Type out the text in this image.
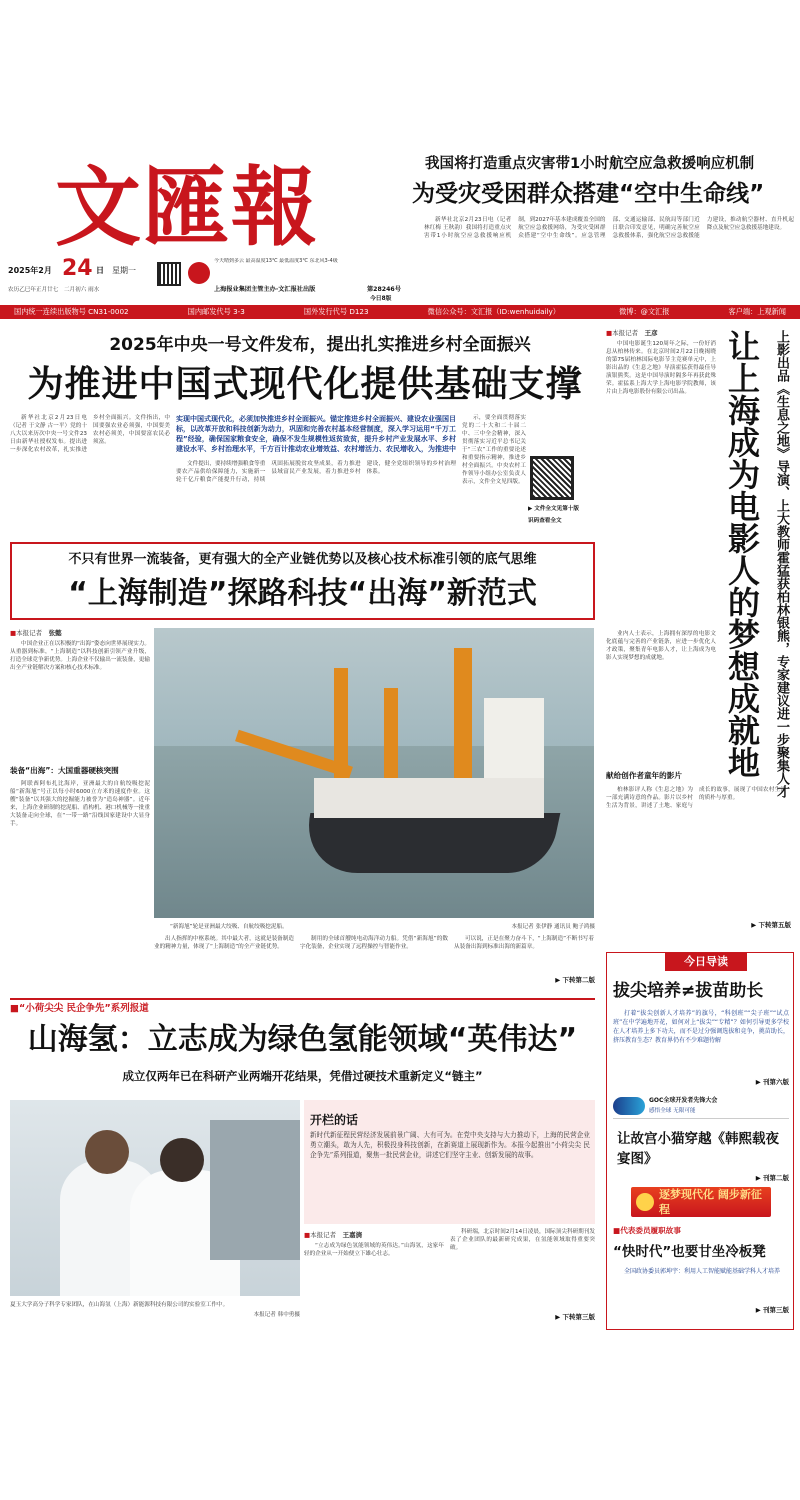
文匯報	我国将打造重点灾害带1小时航空应急救援响应机制
为受灾受困群众搭建“空中生命线”

新华社北京2月23日电（记者 林红梅 王秋韵）我国将打造重点灾害带1小时航空应急救援响应机制，到2027年基本建成覆盖全国的航空应急救援网络，为受灾受困群众搭建“空中生命线”。应急管理部、交通运输部、民航局等部门近日联合印发意见，明确完善航空应急救援体系，强化航空应急救援能力建设，推动航空器材、直升机起降点及航空应急救援基地建设。

2025年2月 24 日	星期一
农历乙巳年正月廿七　二月初六 雨水
今天晴到多云 最高温度13℃ 最低温度3℃ 东北风3-4级
上海报业集团主管主办·文汇报社出版	第28246号
今日8版
国内统一连续出版物号 CN31-0002	国内邮发代号 3-3	国外发行代号 D123	微信公众号：文汇报（ID:wenhuidaily）	微博：@文汇报	客户端：上观新闻
2025年中央一号文件发布，提出扎实推进乡村全面振兴
为推进中国式现代化提供基础支撑

新华社北京2月23日电（记者 于文静 古一平）党的十八大以来历次中央一号文件23日由新华社授权发布。提出进一步深化农村改革，扎实推进乡村全面振兴。文件指出，中国要强农业必须强，中国要美农村必须美，中国要富农民必须富。

实现中国式现代化，必须加快推进乡村全面振兴。锚定推进乡村全面振兴、建设农业强国目标，以改革开放和科技创新为动力，巩固和完善农村基本经营制度，深入学习运用“千万工程”经验，确保国家粮食安全，确保不发生规模性返贫致贫，提升乡村产业发展水平、乡村建设水平、乡村治理水平，千方百计推动农业增效益、农村增活力、农民增收入，为推进中

文件提出，要持续增强粮食等重要农产品供给保障能力，实施新一轮千亿斤粮食产能提升行动，持续巩固拓展脱贫攻坚成果，着力推进县域富民产业发展，着力推进乡村建设，健全党组织领导的乡村治理体系。

示，要全面贯彻落实党的二十大和二十届二中、三中全会精神，深入贯彻落实习近平总书记关于“三农”工作的重要论述和重要指示精神，推进乡村全面振兴。中央农村工作领导小组办公室负责人表示，文件全文见四版。

▶ 文件全文见第十版
识码查看全文
不只有世界一流装备，更有强大的全产业链优势以及核心技术标准引领的底气思维
“上海制造”探路科技“出海”新范式
■本报记者　 张懿

中国企业正在以积极的“出海”姿态向世界展现实力。从重器到标准，“上海制造”以科技创新引领产业升级，打造全球竞争新优势。上海企业不仅输出一流装备，更输出全产业链解决方案和核心技术标准。

装备“出海”：大国重器硬核突围

阿联酋阿布扎比海岸，亚洲最大的自航绞吸挖泥船“新海旭”号正以每小时6000立方米的速度作业。这艘“装备”以其强大的挖掘能力被誉为“造岛神器”。近年来，上海企业研制的挖泥船、盾构机、港口机械等一批重大装备走向全球，在“一带一路”沿线国家建设中大显身手。

“新海旭”轮是亚洲最大绞吸、自航绞吸挖泥船。	本报记者 张伊静 通讯员 鲍子鸿摄

出人指挥的中枢系统。其中最大者，这就是装备制造业的精神力量，体现了“上海制造”的全产业链优势。

制用的全球首艘纯电动海洋动力船。凭借“新海旭”的数字化装备，企业实现了远程操控与智能作业。

可以说，正是在聚力奋斗下，“上海制造”不断书写着从装备出海到标准出海的新篇章。

▶ 下转第二版
■本报记者　 王彦

中国电影诞生120周年之际，一份好消息从柏林传来。在北京时间2月22日晚揭晓的第75届柏林国际电影节主竞赛单元中，上影出品的《生息之地》导演霍猛获得最佳导演银熊奖。这是中国导演时隔多年再获此殊荣。霍猛系上海大学上海电影学院教师，该片由上海电影股份有限公司出品。	让上海成为电影人的梦想成就地	上影出品《生息之地》导演、上大教师霍猛获柏林银熊，专家建议进一步聚集人才

业内人士表示，上海拥有深厚的电影文化底蕴与完善的产业链条，应进一步优化人才政策，聚集青年电影人才，让上海成为电影人实现梦想的成就地。

献给创作者童年的影片

柏林影评人称《生息之地》为一部充满诗意的作品。影片以乡村生活为背景，讲述了土地、家庭与成长的故事，展现了中国农村生活的质朴与厚重。

▶ 下转第五版
今日导读
拔尖培养≠拔苗助长

打着“拔尖创新人才培养”的旗号，“科创班”“尖子班”“试点班”在中学遍地开花，如何对上“拔尖”“专精”？如何引导更多学校在人才培养上多下功夫，而不是过分强调选拔和竞争，挑苗助长，挤压教育生态？教育界仍有不少难题待解

▶ 刊第六版
GOC全球开发者先锋大会
感悟全球 无限可能
让故宫小猫穿越《韩熙载夜宴图》
▶ 刊第二版
逐梦现代化 阔步新征程
■代表委员履职故事
“快时代”也要甘坐冷板凳

全国政协委员郭坤宇：利用人工智能赋能基础学科人才培养

▶ 刊第三版
■“小荷尖尖 民企争先”系列报道
山海氢：立志成为绿色氢能领域“英伟达”
成立仅两年已在科研产业两端开花结果，凭借过硬技术重新定义“链主”
夏玉大学高分子科学专家团队，在山海氢（上海）新能源科技有限公司的实验室工作中。
本报记者 韩中勇摄
开栏的话
新时代新征程民营经济发展前景广阔、大有可为。在党中央支持与大力推动下，上海的民营企业勇立潮头，敢为人先，积极投身科技创新，在新赛道上展现新作为。本报今起推出“小荷尖尖 民企争先”系列报道，聚焦一批民营企业，讲述它们坚守主业、创新发展的故事。
■本报记者　 王嘉旖

“立志成为绿色氢能领域的英伟达。”山海氢，这家年轻的企业从一开始便立下雄心壮志。

科研端，北京时间2月14日凌晨，国际顶尖科研期刊发表了企业团队的最新研究成果，在氢能领域取得重要突破。

▶ 下转第三版
